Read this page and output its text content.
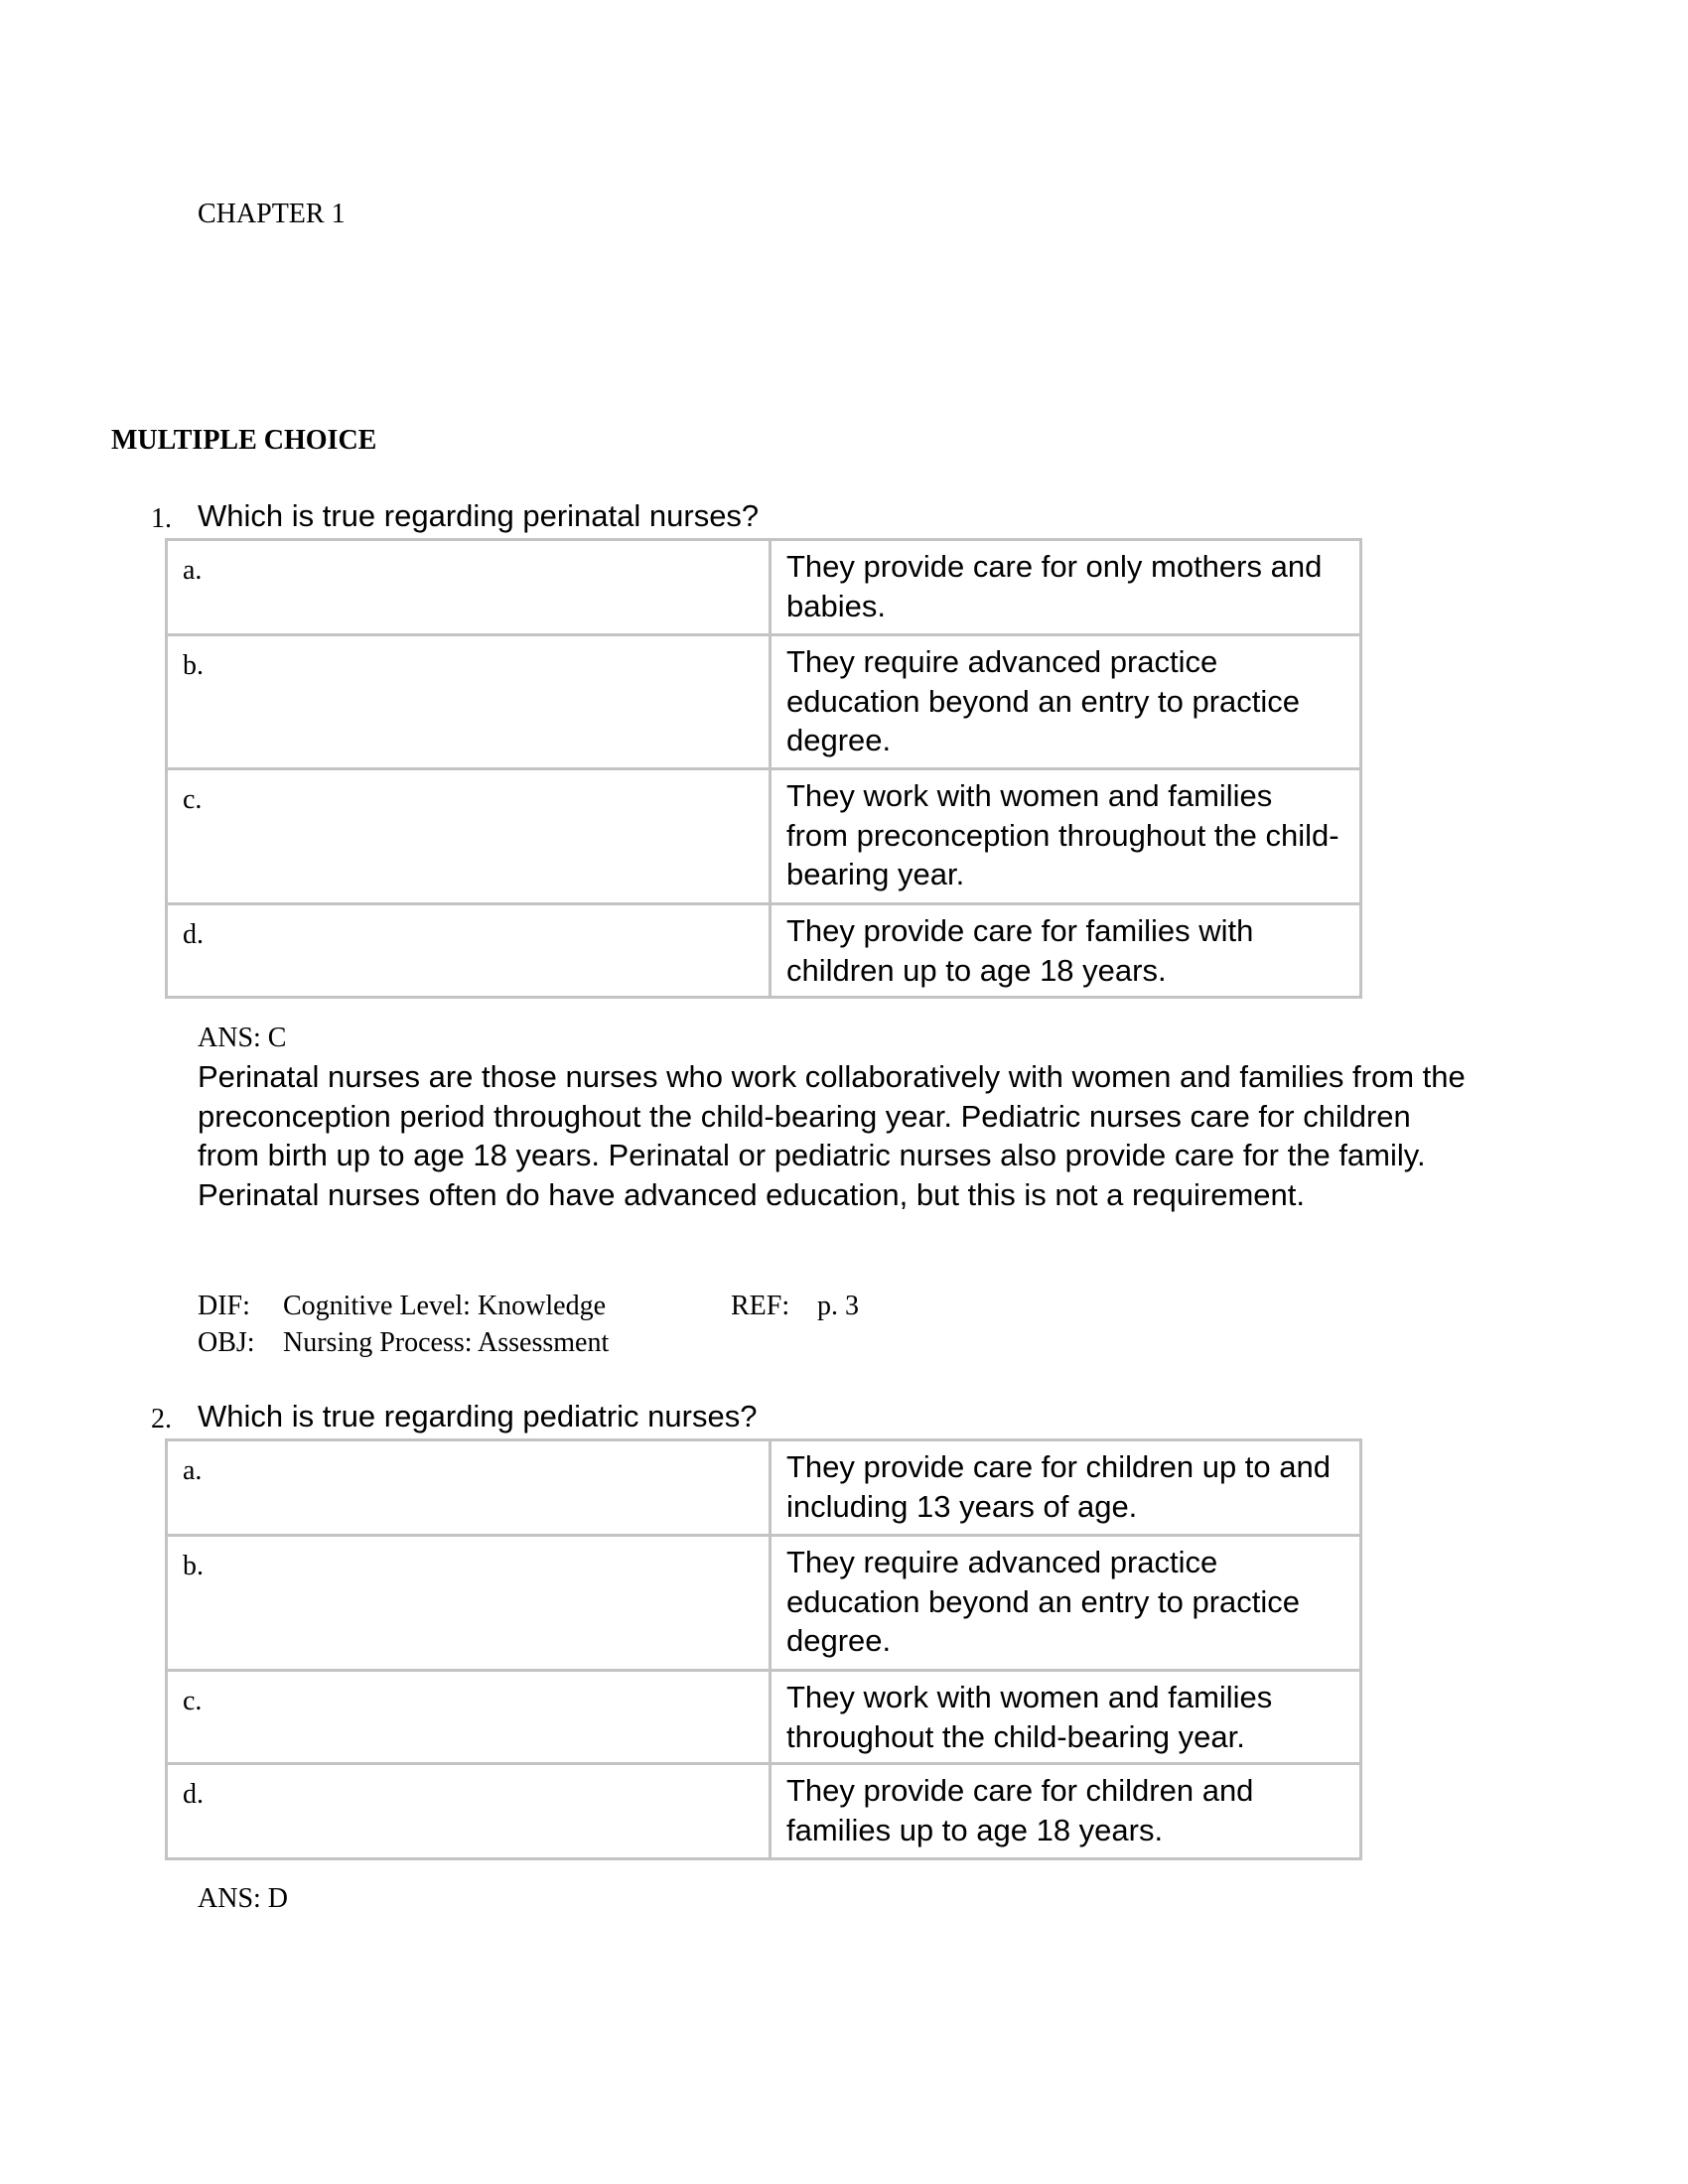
CHAPTER 1
MULTIPLE CHOICE
1. Which is true regarding perinatal nurses?
a.	They provide care for only mothers and babies.
b.	They require advanced practice education beyond an entry to practice degree.
c.	They work with women and families from preconception throughout the child-bearing year.
d.	They provide care for families with children up to age 18 years.
ANS: C
Perinatal nurses are those nurses who work collaboratively with women and families from the preconception period throughout the child-bearing year. Pediatric nurses care for children from birth up to age 18 years. Perinatal or pediatric nurses also provide care for the family. Perinatal nurses often do have advanced education, but this is not a requirement.
DIF: Cognitive Level: Knowledge	REF: p. 3
OBJ: Nursing Process: Assessment
2. Which is true regarding pediatric nurses?
a.	They provide care for children up to and including 13 years of age.
b.	They require advanced practice education beyond an entry to practice degree.
c.	They work with women and families throughout the child-bearing year.
d.	They provide care for children and families up to age 18 years.
ANS: D
